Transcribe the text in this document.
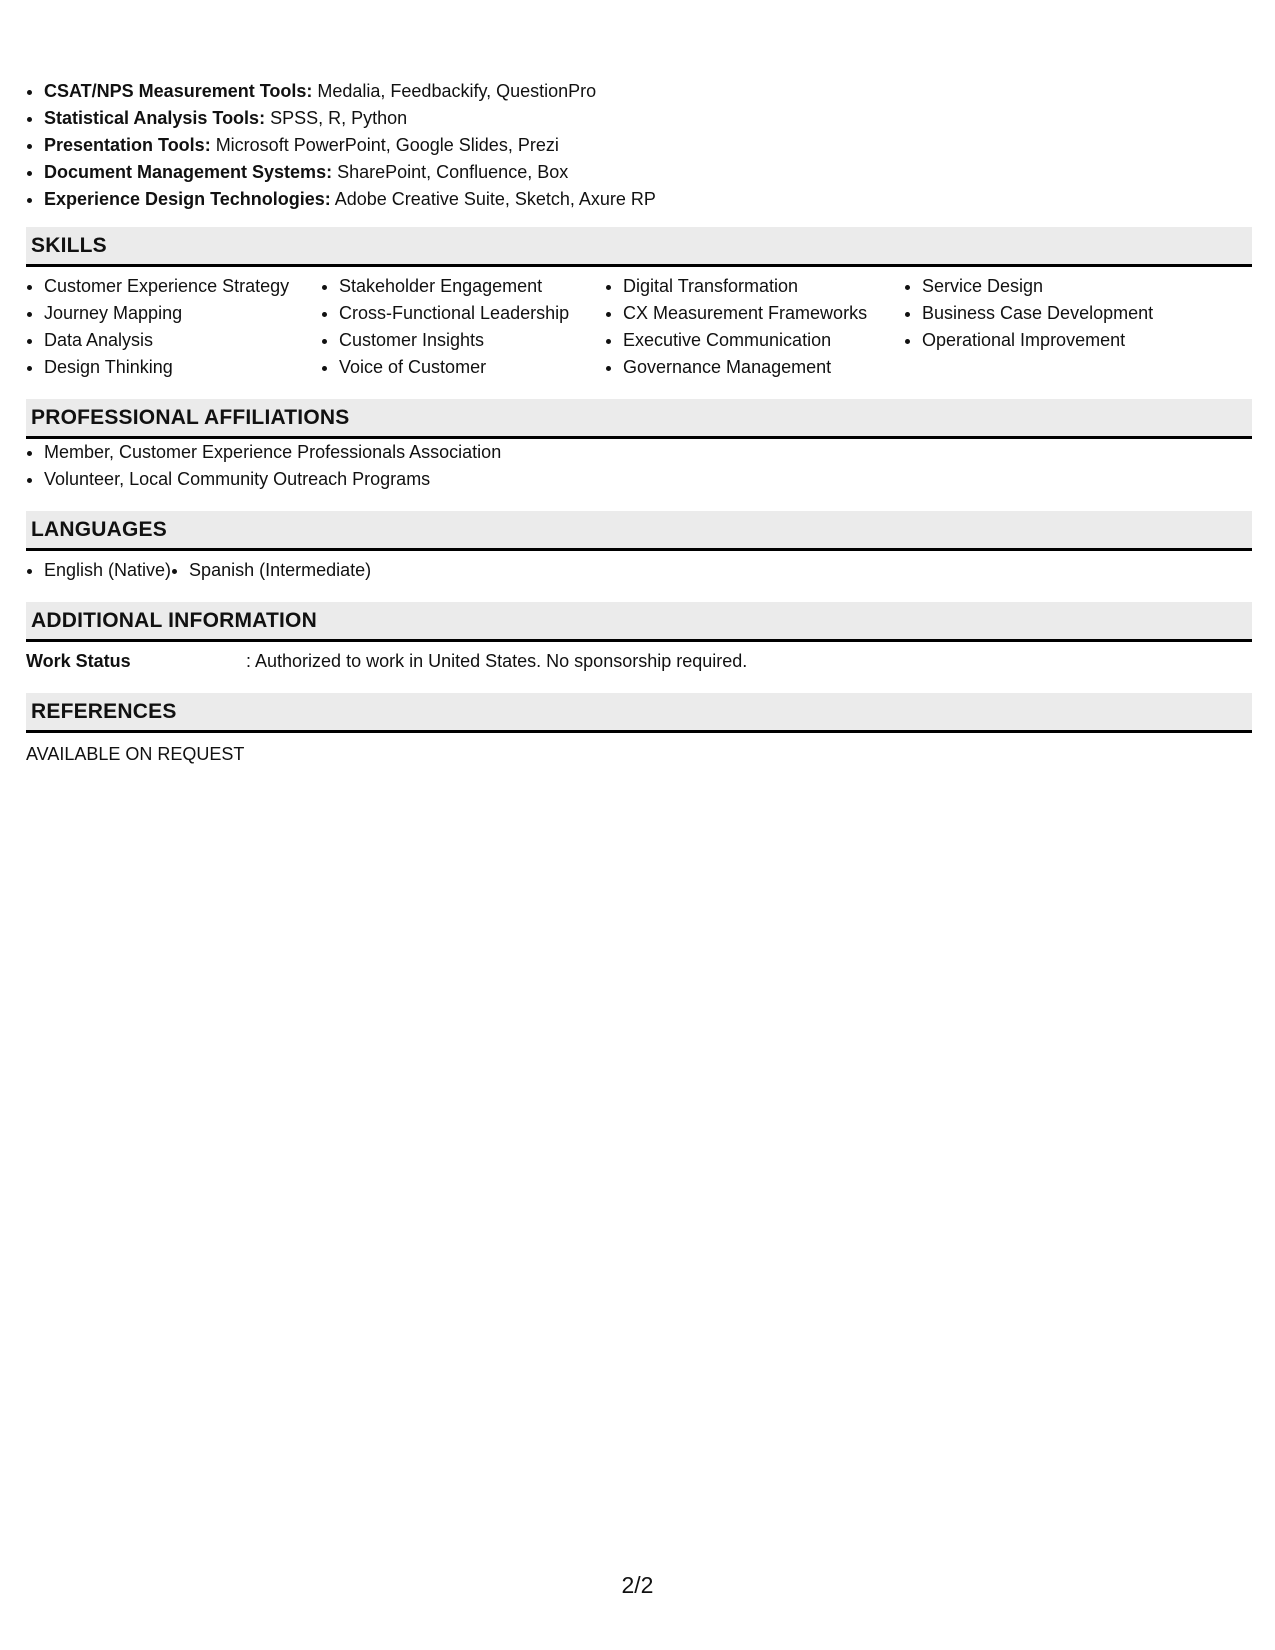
• CSAT/NPS Measurement Tools: Medalia, Feedbackify, QuestionPro
• Statistical Analysis Tools: SPSS, R, Python
• Presentation Tools: Microsoft PowerPoint, Google Slides, Prezi
• Document Management Systems: SharePoint, Confluence, Box
• Experience Design Technologies: Adobe Creative Suite, Sketch, Axure RP
SKILLS
• Customer Experience Strategy
• Journey Mapping
• Data Analysis
• Design Thinking
• Stakeholder Engagement
• Cross-Functional Leadership
• Customer Insights
• Voice of Customer
• Digital Transformation
• CX Measurement Frameworks
• Executive Communication
• Governance Management
• Service Design
• Business Case Development
• Operational Improvement
PROFESSIONAL AFFILIATIONS
• Member, Customer Experience Professionals Association
• Volunteer, Local Community Outreach Programs
LANGUAGES
• English (Native)
• Spanish (Intermediate)
ADDITIONAL INFORMATION
Work Status	: Authorized to work in United States. No sponsorship required.
REFERENCES
AVAILABLE ON REQUEST
2/2
